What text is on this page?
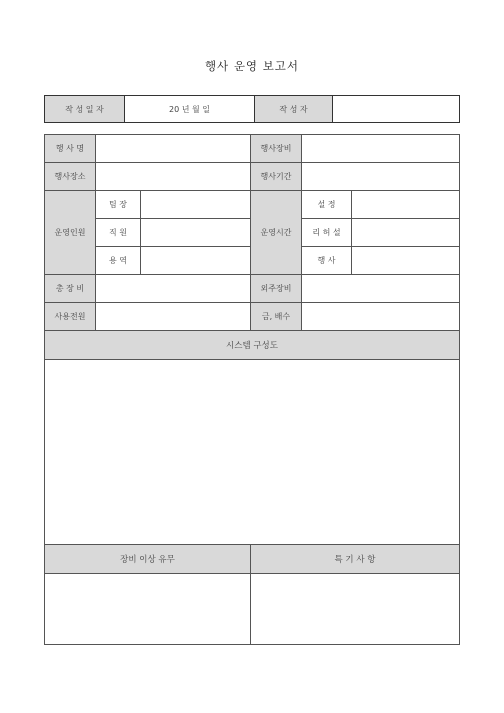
행사 운영 보고서
작 성 일 자	20 년 월 일	작 성 자	
행 사 명			행사장비		
행사장소			행사기간		
운영인원	팀 장		운영시간	설 정	
	직 원			리 허 설	
	용 역			행 사	
총 장 비			외주장비		
사용전원			금, 배수		
시스템 구성도					

장비 이상 유무			특 기 사 항		
